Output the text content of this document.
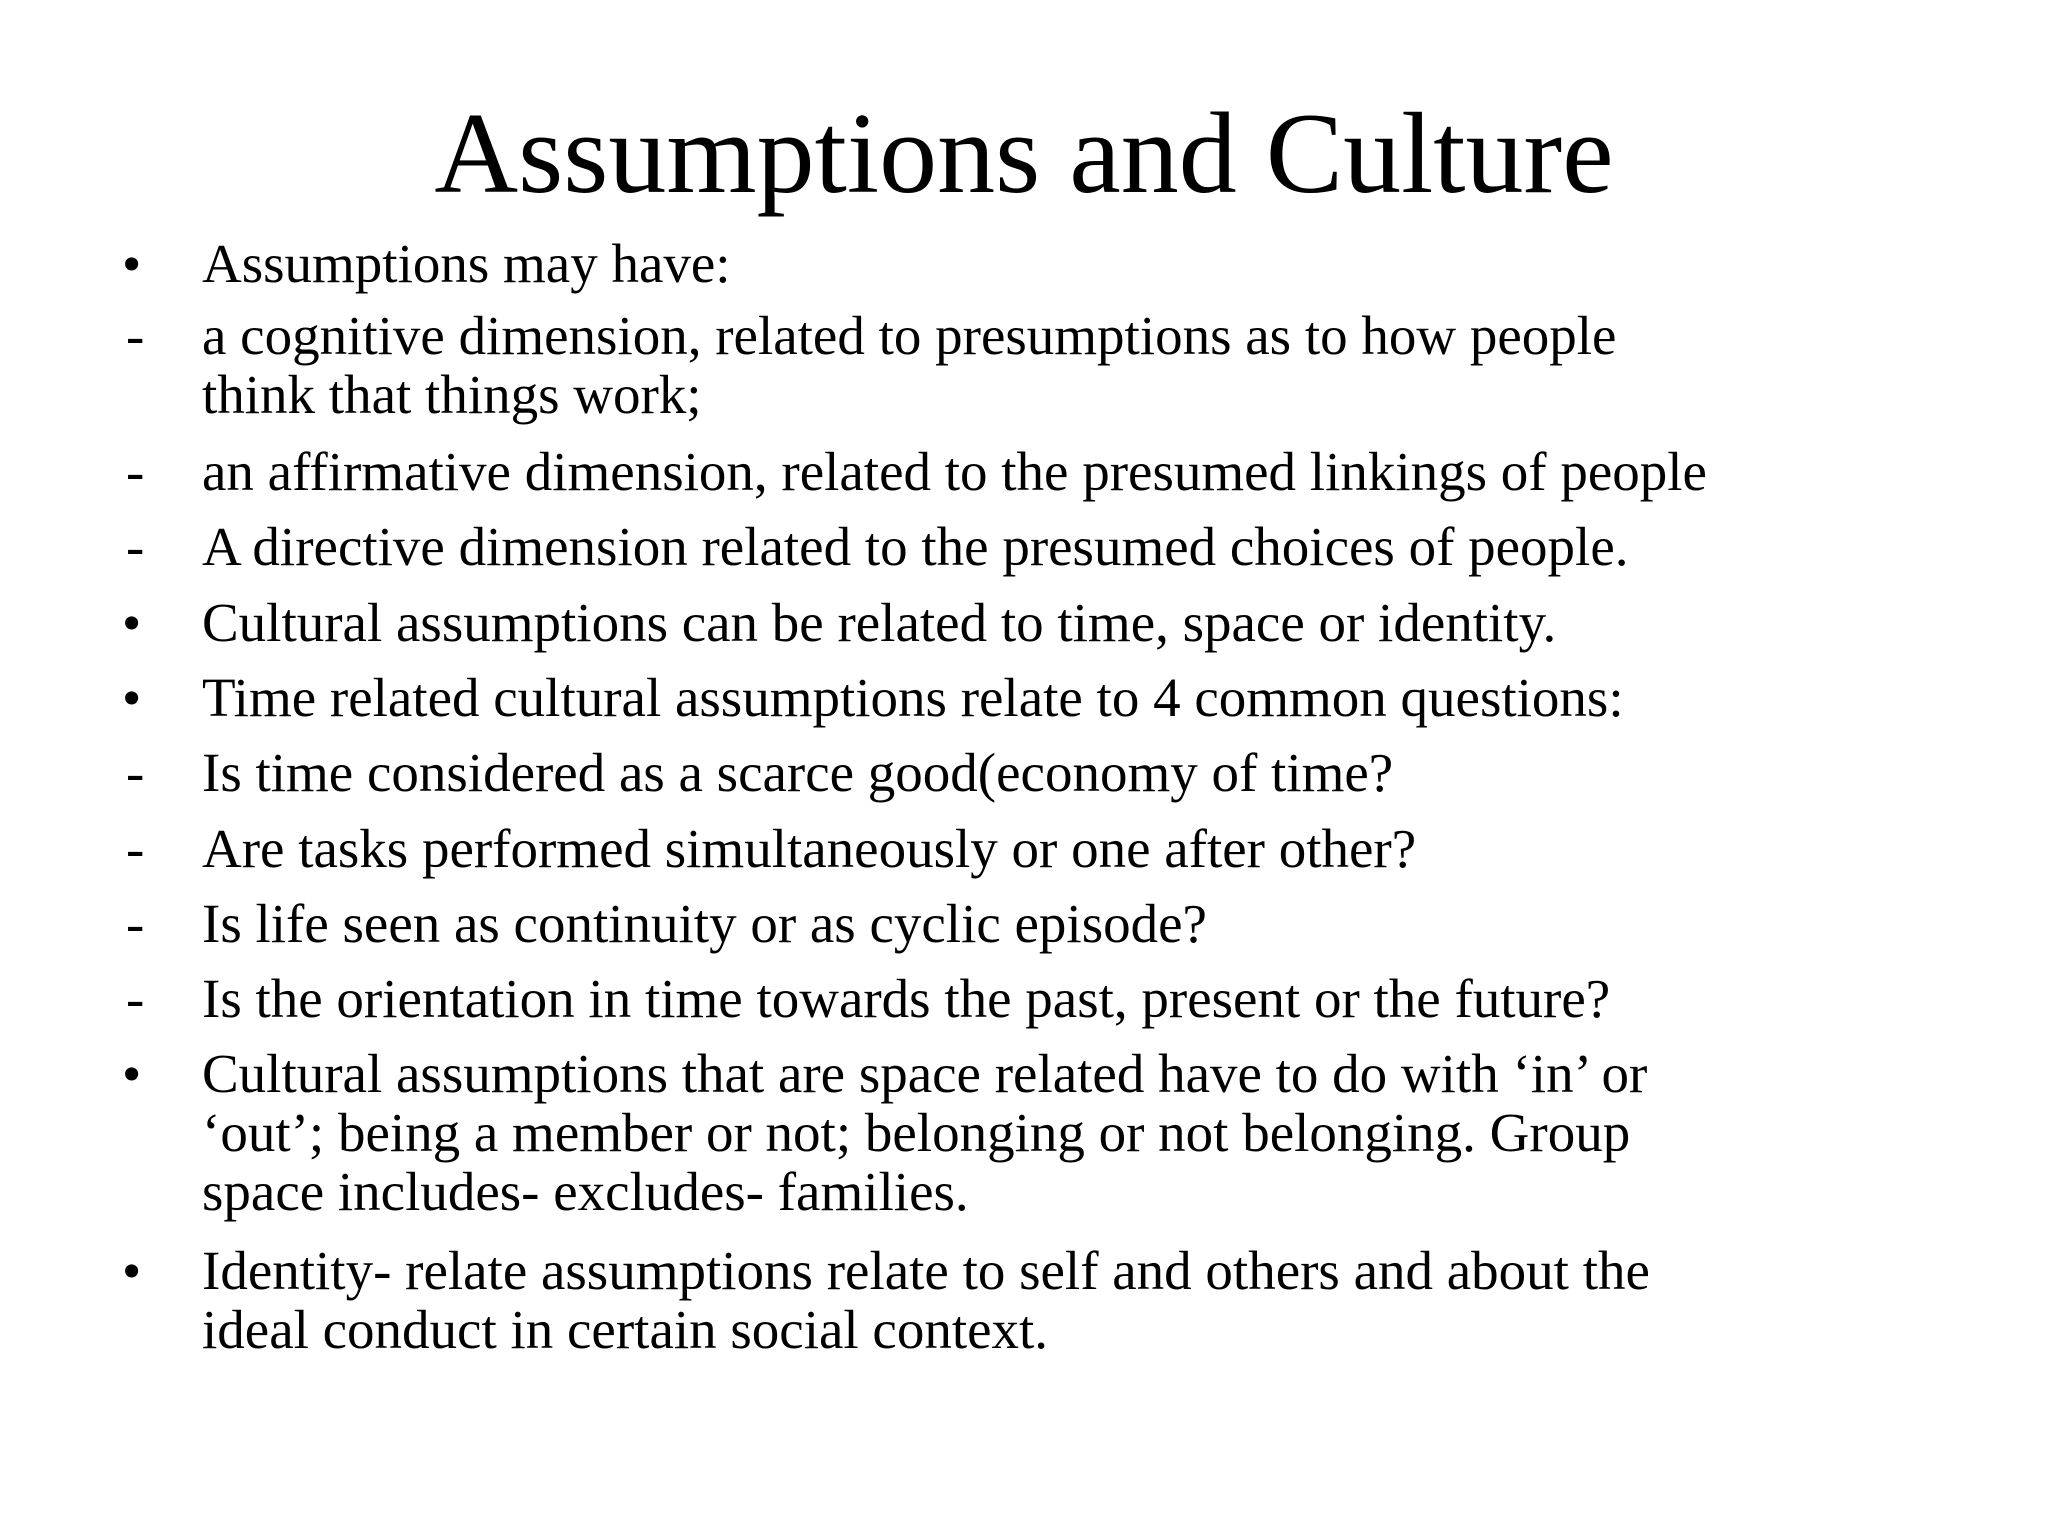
Assumptions and Culture
•	Assumptions may have:
-	a cognitive dimension, related to presumptions as to how people
think that things work;
-	an affirmative dimension, related to the presumed linkings of people
-	A directive dimension related to the presumed choices of people.
•	Cultural assumptions can be related to time, space or identity.
•	Time related cultural assumptions relate to 4 common questions:
-	Is time considered as a scarce good(economy of time?
-	Are tasks performed simultaneously or one after other?
-	Is life seen as continuity or as cyclic episode?
-	Is the orientation in time towards the past, present or the future?
•	Cultural assumptions that are space related have to do with ‘in’ or
‘out’; being a member or not; belonging or not belonging. Group
space includes- excludes- families.
•	Identity- relate assumptions relate to self and others and about the
ideal conduct in certain social context.
